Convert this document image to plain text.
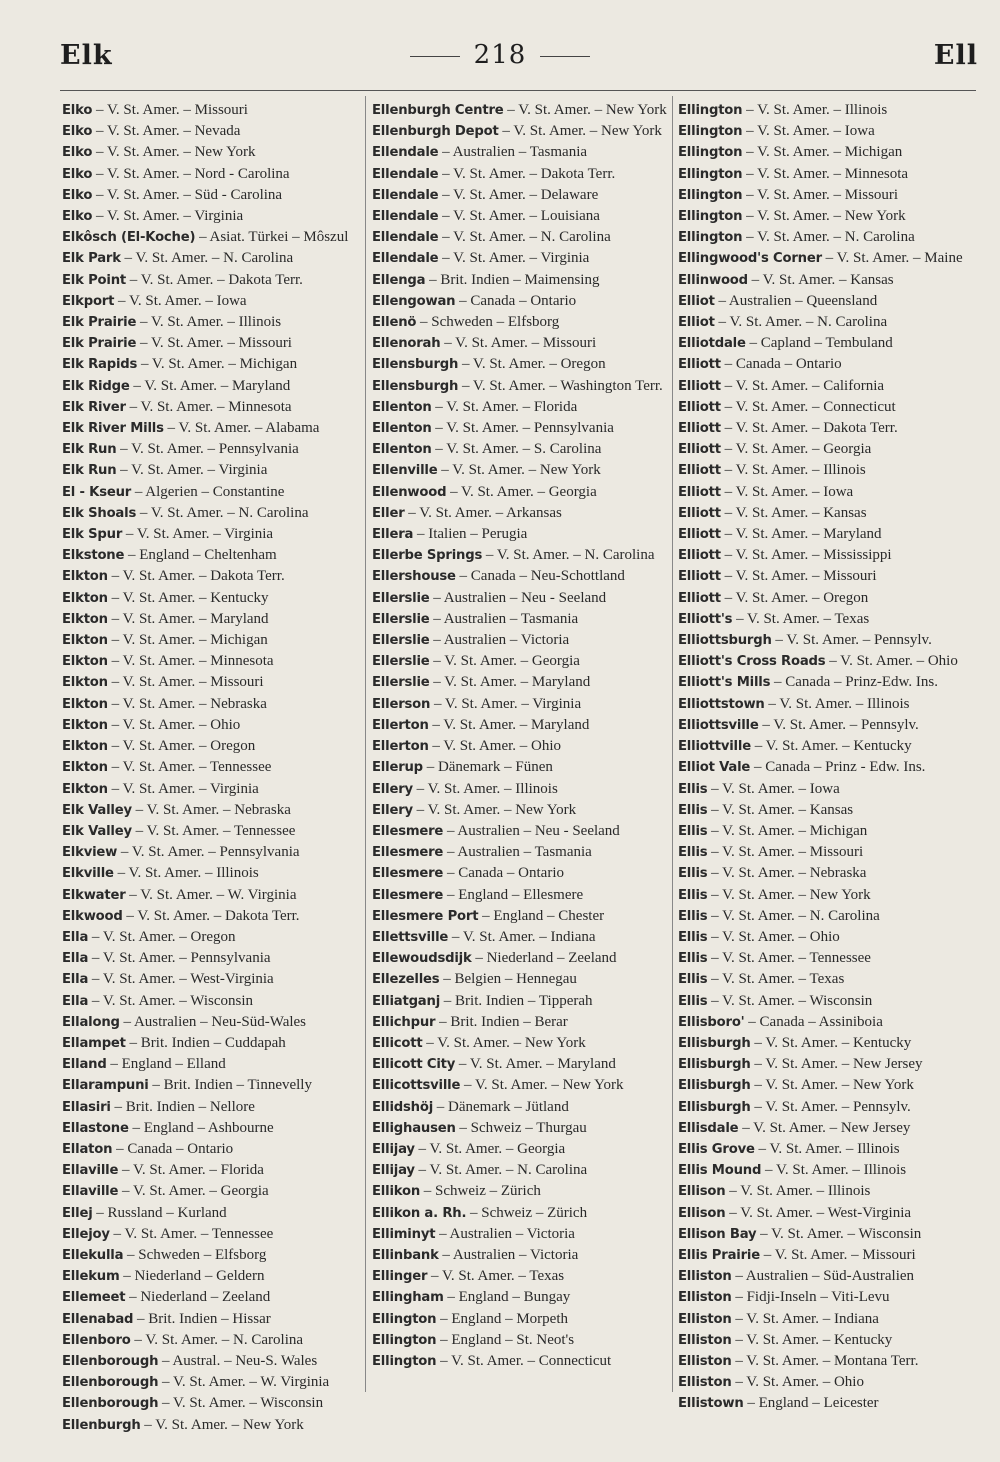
Elk	218	Ell
Elko – V. St. Amer. – Missouri
Elko – V. St. Amer. – Nevada
Elko – V. St. Amer. – New York
Elko – V. St. Amer. – Nord - Carolina
Elko – V. St. Amer. – Süd - Carolina
Elko – V. St. Amer. – Virginia
Elkôsch (El-Koche) – Asiat. Türkei – Môszul
Elk Park – V. St. Amer. – N. Carolina
Elk Point – V. St. Amer. – Dakota Terr.
Elkport – V. St. Amer. – Iowa
Elk Prairie – V. St. Amer. – Illinois
Elk Prairie – V. St. Amer. – Missouri
Elk Rapids – V. St. Amer. – Michigan
Elk Ridge – V. St. Amer. – Maryland
Elk River – V. St. Amer. – Minnesota
Elk River Mills – V. St. Amer. – Alabama
Elk Run – V. St. Amer. – Pennsylvania
Elk Run – V. St. Amer. – Virginia
El - Kseur – Algerien – Constantine
Elk Shoals – V. St. Amer. – N. Carolina
Elk Spur – V. St. Amer. – Virginia
Elkstone – England – Cheltenham
Elkton – V. St. Amer. – Dakota Terr.
Elkton – V. St. Amer. – Kentucky
Elkton – V. St. Amer. – Maryland
Elkton – V. St. Amer. – Michigan
Elkton – V. St. Amer. – Minnesota
Elkton – V. St. Amer. – Missouri
Elkton – V. St. Amer. – Nebraska
Elkton – V. St. Amer. – Ohio
Elkton – V. St. Amer. – Oregon
Elkton – V. St. Amer. – Tennessee
Elkton – V. St. Amer. – Virginia
Elk Valley – V. St. Amer. – Nebraska
Elk Valley – V. St. Amer. – Tennessee
Elkview – V. St. Amer. – Pennsylvania
Elkville – V. St. Amer. – Illinois
Elkwater – V. St. Amer. – W. Virginia
Elkwood – V. St. Amer. – Dakota Terr.
Ella – V. St. Amer. – Oregon
Ella – V. St. Amer. – Pennsylvania
Ella – V. St. Amer. – West-Virginia
Ella – V. St. Amer. – Wisconsin
Ellalong – Australien – Neu-Süd-Wales
Ellampet – Brit. Indien – Cuddapah
Elland – England – Elland
Ellarampuni – Brit. Indien – Tinnevelly
Ellasiri – Brit. Indien – Nellore
Ellastone – England – Ashbourne
Ellaton – Canada – Ontario
Ellaville – V. St. Amer. – Florida
Ellaville – V. St. Amer. – Georgia
Ellej – Russland – Kurland
Ellejoy – V. St. Amer. – Tennessee
Ellekulla – Schweden – Elfsborg
Ellekum – Niederland – Geldern
Ellemeet – Niederland – Zeeland
Ellenabad – Brit. Indien – Hissar
Ellenboro – V. St. Amer. – N. Carolina
Ellenborough – Austral. – Neu-S. Wales
Ellenborough – V. St. Amer. – W. Virginia
Ellenborough – V. St. Amer. – Wisconsin
Ellenburgh – V. St. Amer. – New York
Ellenburgh Centre – V. St. Amer. – New York
Ellenburgh Depot – V. St. Amer. – New York
Ellendale – Australien – Tasmania
Ellendale – V. St. Amer. – Dakota Terr.
Ellendale – V. St. Amer. – Delaware
Ellendale – V. St. Amer. – Louisiana
Ellendale – V. St. Amer. – N. Carolina
Ellendale – V. St. Amer. – Virginia
Ellenga – Brit. Indien – Maimensing
Ellengowan – Canada – Ontario
Ellenö – Schweden – Elfsborg
Ellenorah – V. St. Amer. – Missouri
Ellensburgh – V. St. Amer. – Oregon
Ellensburgh – V. St. Amer. – Washington Terr.
Ellenton – V. St. Amer. – Florida
Ellenton – V. St. Amer. – Pennsylvania
Ellenton – V. St. Amer. – S. Carolina
Ellenville – V. St. Amer. – New York
Ellenwood – V. St. Amer. – Georgia
Eller – V. St. Amer. – Arkansas
Ellera – Italien – Perugia
Ellerbe Springs – V. St. Amer. – N. Carolina
Ellershouse – Canada – Neu-Schottland
Ellerslie – Australien – Neu - Seeland
Ellerslie – Australien – Tasmania
Ellerslie – Australien – Victoria
Ellerslie – V. St. Amer. – Georgia
Ellerslie – V. St. Amer. – Maryland
Ellerson – V. St. Amer. – Virginia
Ellerton – V. St. Amer. – Maryland
Ellerton – V. St. Amer. – Ohio
Ellerup – Dänemark – Fünen
Ellery – V. St. Amer. – Illinois
Ellery – V. St. Amer. – New York
Ellesmere – Australien – Neu - Seeland
Ellesmere – Australien – Tasmania
Ellesmere – Canada – Ontario
Ellesmere – England – Ellesmere
Ellesmere Port – England – Chester
Ellettsville – V. St. Amer. – Indiana
Ellewoudsdijk – Niederland – Zeeland
Ellezelles – Belgien – Hennegau
Elliatganj – Brit. Indien – Tipperah
Ellichpur – Brit. Indien – Berar
Ellicott – V. St. Amer. – New York
Ellicott City – V. St. Amer. – Maryland
Ellicottsville – V. St. Amer. – New York
Ellidshöj – Dänemark – Jütland
Ellighausen – Schweiz – Thurgau
Ellijay – V. St. Amer. – Georgia
Ellijay – V. St. Amer. – N. Carolina
Ellikon – Schweiz – Zürich
Ellikon a. Rh. – Schweiz – Zürich
Elliminyt – Australien – Victoria
Ellinbank – Australien – Victoria
Ellinger – V. St. Amer. – Texas
Ellingham – England – Bungay
Ellington – England – Morpeth
Ellington – England – St. Neot's
Ellington – V. St. Amer. – Connecticut
Ellington – V. St. Amer. – Illinois
Ellington – V. St. Amer. – Iowa
Ellington – V. St. Amer. – Michigan
Ellington – V. St. Amer. – Minnesota
Ellington – V. St. Amer. – Missouri
Ellington – V. St. Amer. – New York
Ellington – V. St. Amer. – N. Carolina
Ellingwood's Corner – V. St. Amer. – Maine
Ellinwood – V. St. Amer. – Kansas
Elliot – Australien – Queensland
Elliot – V. St. Amer. – N. Carolina
Elliotdale – Capland – Tembuland
Elliott – Canada – Ontario
Elliott – V. St. Amer. – California
Elliott – V. St. Amer. – Connecticut
Elliott – V. St. Amer. – Dakota Terr.
Elliott – V. St. Amer. – Georgia
Elliott – V. St. Amer. – Illinois
Elliott – V. St. Amer. – Iowa
Elliott – V. St. Amer. – Kansas
Elliott – V. St. Amer. – Maryland
Elliott – V. St. Amer. – Mississippi
Elliott – V. St. Amer. – Missouri
Elliott – V. St. Amer. – Oregon
Elliott's – V. St. Amer. – Texas
Elliottsburgh – V. St. Amer. – Pennsylv.
Elliott's Cross Roads – V. St. Amer. – Ohio
Elliott's Mills – Canada – Prinz-Edw. Ins.
Elliottstown – V. St. Amer. – Illinois
Elliottsville – V. St. Amer. – Pennsylv.
Elliottville – V. St. Amer. – Kentucky
Elliot Vale – Canada – Prinz - Edw. Ins.
Ellis – V. St. Amer. – Iowa
Ellis – V. St. Amer. – Kansas
Ellis – V. St. Amer. – Michigan
Ellis – V. St. Amer. – Missouri
Ellis – V. St. Amer. – Nebraska
Ellis – V. St. Amer. – New York
Ellis – V. St. Amer. – N. Carolina
Ellis – V. St. Amer. – Ohio
Ellis – V. St. Amer. – Tennessee
Ellis – V. St. Amer. – Texas
Ellis – V. St. Amer. – Wisconsin
Ellisboro' – Canada – Assiniboia
Ellisburgh – V. St. Amer. – Kentucky
Ellisburgh – V. St. Amer. – New Jersey
Ellisburgh – V. St. Amer. – New York
Ellisburgh – V. St. Amer. – Pennsylv.
Ellisdale – V. St. Amer. – New Jersey
Ellis Grove – V. St. Amer. – Illinois
Ellis Mound – V. St. Amer. – Illinois
Ellison – V. St. Amer. – Illinois
Ellison – V. St. Amer. – West-Virginia
Ellison Bay – V. St. Amer. – Wisconsin
Ellis Prairie – V. St. Amer. – Missouri
Elliston – Australien – Süd-Australien
Elliston – Fidji-Inseln – Viti-Levu
Elliston – V. St. Amer. – Indiana
Elliston – V. St. Amer. – Kentucky
Elliston – V. St. Amer. – Montana Terr.
Elliston – V. St. Amer. – Ohio
Ellistown – England – Leicester
